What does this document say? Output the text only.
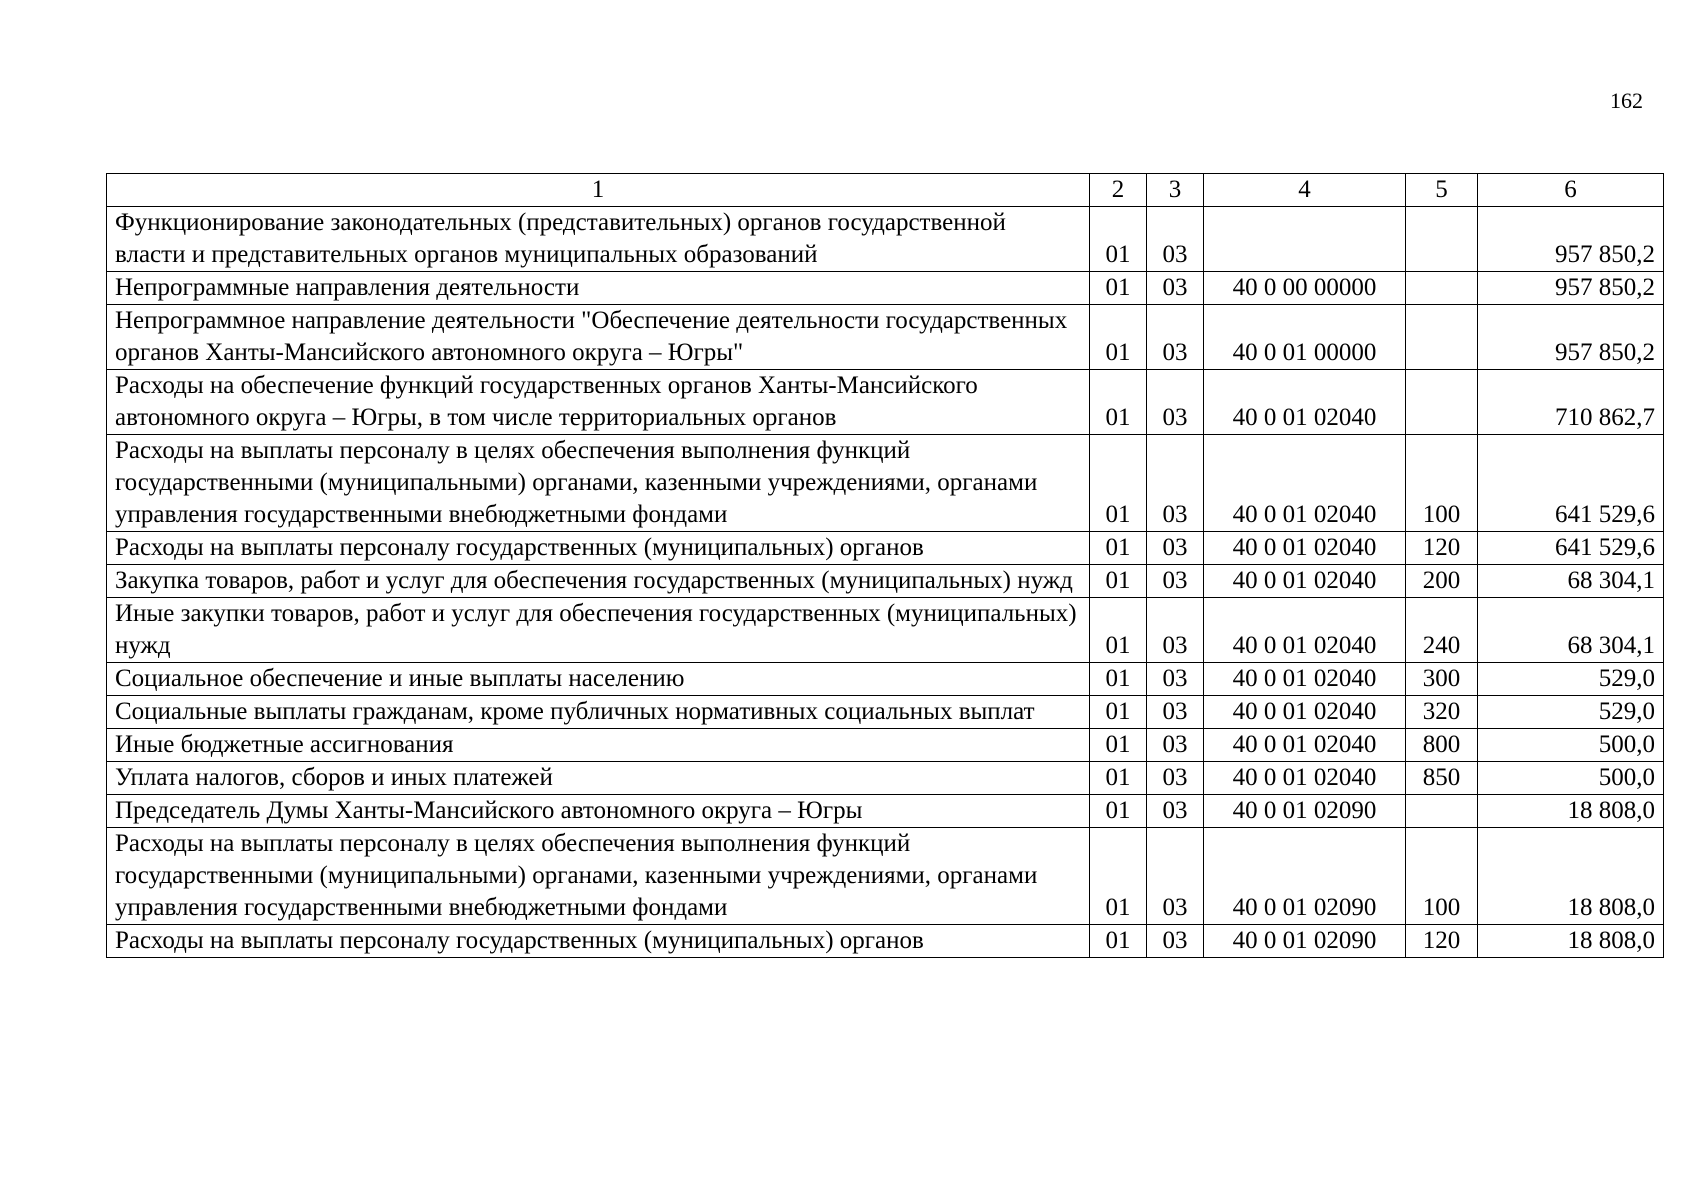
162
1	2	3	4	5	6
Функционирование законодательных (представительных) органов государственной власти и представительных органов муниципальных образований	01	03			957 850,2
Непрограммные направления деятельности	01	03	40 0 00 00000		957 850,2
Непрограммное направление деятельности "Обеспечение деятельности государственных органов Ханты-Мансийского автономного округа – Югры"	01	03	40 0 01 00000		957 850,2
Расходы на обеспечение функций государственных органов Ханты-Мансийского автономного округа – Югры, в том числе территориальных органов	01	03	40 0 01 02040		710 862,7
Расходы на выплаты персоналу в целях обеспечения выполнения функций государственными (муниципальными) органами, казенными учреждениями, органами управления государственными внебюджетными фондами	01	03	40 0 01 02040	100	641 529,6
Расходы на выплаты персоналу государственных (муниципальных) органов	01	03	40 0 01 02040	120	641 529,6
Закупка товаров, работ и услуг для обеспечения государственных (муниципальных) нужд	01	03	40 0 01 02040	200	68 304,1
Иные закупки товаров, работ и услуг для обеспечения государственных (муниципальных) нужд	01	03	40 0 01 02040	240	68 304,1
Социальное обеспечение и иные выплаты населению	01	03	40 0 01 02040	300	529,0
Социальные выплаты гражданам, кроме публичных нормативных социальных выплат	01	03	40 0 01 02040	320	529,0
Иные бюджетные ассигнования	01	03	40 0 01 02040	800	500,0
Уплата налогов, сборов и иных платежей	01	03	40 0 01 02040	850	500,0
Председатель Думы Ханты-Мансийского автономного округа – Югры	01	03	40 0 01 02090		18 808,0
Расходы на выплаты персоналу в целях обеспечения выполнения функций государственными (муниципальными) органами, казенными учреждениями, органами управления государственными внебюджетными фондами	01	03	40 0 01 02090	100	18 808,0
Расходы на выплаты персоналу государственных (муниципальных) органов	01	03	40 0 01 02090	120	18 808,0
